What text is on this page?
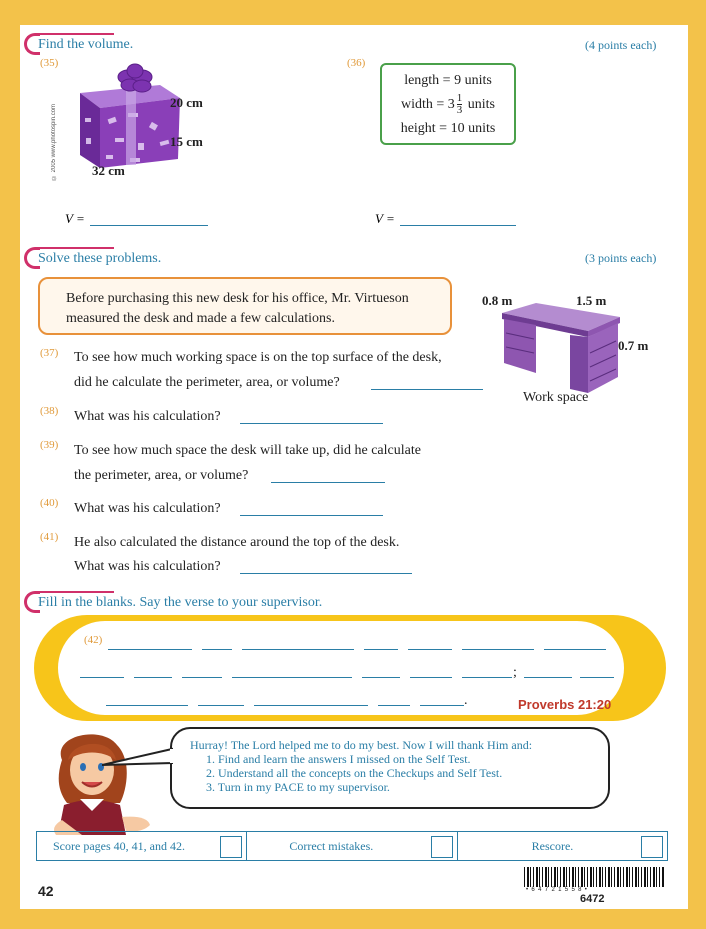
Find the volume.	(4 points each)
(35)
© 2005 www.photospin.com
20 cm
15 cm
32 cm
V =
(36)
length = 9 units
width = $3 \frac{1}{3}$ units
height = 10 units
V =
Solve these problems.	(3 points each)
Before purchasing this new desk for his office, Mr. Virtueson measured the desk and made a few calculations.
0.8 m	1.5 m
0.7 m
Work space
(37) To see how much working space is on the top surface of the desk,
did he calculate the perimeter, area, or volume?
(38) What was his calculation?
(39) To see how much space the desk will take up, did he calculate
the perimeter, area, or volume?
(40) What was his calculation?
(41) He also calculated the distance around the top of the desk.
What was his calculation?
Fill in the blanks. Say the verse to your supervisor.
(42)
;
.	Proverbs 21:20
Hurray! The Lord helped me to do my best. Now I will thank Him and:
1. Find and learn the answers I missed on the Self Test.
2. Understand all the concepts on the Checkups and Self Test.
3. Turn in my PACE to my supervisor.
Score pages 40, 41, and 42.	Correct mistakes.	Rescore.
42	•  6  4  7  2  1  5  5  8  •
6472
